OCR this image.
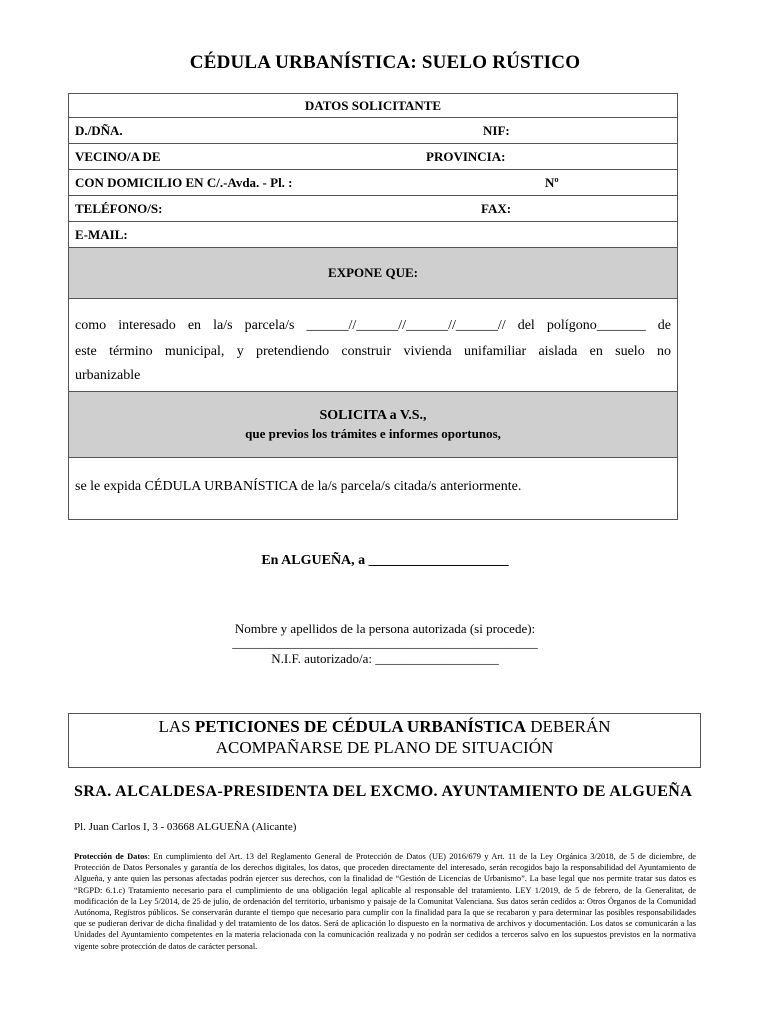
CÉDULA URBANÍSTICA: SUELO RÚSTICO
DATOS SOLICITANTE
D./DÑA.	NIF:
VECINO/A DE	PROVINCIA:
CON DOMICILIO EN C/.-Avda. - Pl. :	Nº
TELÉFONO/S:	FAX:
E-MAIL:
EXPONE QUE:
como interesado en la/s parcela/s ______//______//______//______// del polígono_______ de
este término municipal, y pretendiendo construir vivienda unifamiliar aislada en suelo no
urbanizable
SOLICITA a V.S.,
que previos los trámites e informes oportunos,
se le expida CÉDULA URBANÍSTICA de la/s parcela/s citada/s anteriormente.
En ALGUEÑA, a ____________________
Nombre y apellidos de la persona autorizada (si procede):
_______________________________________________
N.I.F. autorizado/a: ___________________
LAS PETICIONES DE CÉDULA URBANÍSTICA DEBERÁN
ACOMPAÑARSE DE PLANO DE SITUACIÓN
SRA. ALCALDESA-PRESIDENTA DEL EXCMO. AYUNTAMIENTO DE ALGUEÑA
Pl. Juan Carlos I, 3 - 03668 ALGUEÑA (Alicante)
Protección de Datos: En cumplimiento del Art. 13 del Reglamento General de Protección de Datos (UE) 2016/679 y Art. 11 de la Ley Orgánica 3/2018, de 5 de diciembre, de Protección de Datos Personales y garantía de los derechos digitales, los datos, que proceden directamente del interesado, serán recogidos bajo la responsabilidad del Ayuntamiento de Algueña, y ante quien las personas afectadas podrán ejercer sus derechos, con la finalidad de “Gestión de Licencias de Urbanismo”. La base legal que nos permite tratar sus datos es “RGPD: 6.1.c) Tratamiento necesario para el cumplimiento de una obligación legal aplicable al responsable del tratamiento. LEY 1/2019, de 5 de febrero, de la Generalitat, de modificación de la Ley 5/2014, de 25 de julio, de ordenación del territorio, urbanismo y paisaje de la Comunitat Valenciana. Sus datos serán cedidos a: Otros Órganos de la Comunidad Autónoma, Registros públicos. Se conservarán durante el tiempo que necesario para cumplir con la finalidad para la que se recabaron y para determinar las posibles responsabilidades que se pudieran derivar de dicha finalidad y del tratamiento de los datos. Será de aplicación lo dispuesto en la normativa de archivos y documentación. Los datos se comunicarán a las Unidades del Ayuntamiento competentes en la materia relacionada con la comunicación realizada y no podrán ser cedidos a terceros salvo en los supuestos previstos en la normativa vigente sobre protección de datos de carácter personal.
